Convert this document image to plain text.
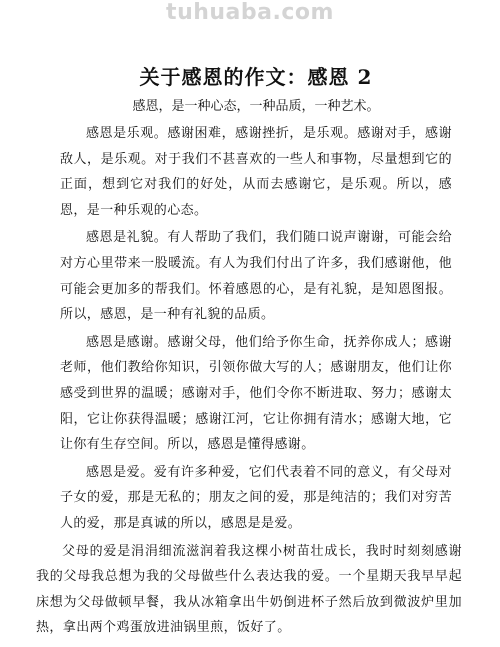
tuhuaba.com
关于感恩的作文：感恩 2
感恩，是一种心态，一种品质，一种艺术。

感恩是乐观。感谢困难，感谢挫折，是乐观。感谢对手，感谢敌人，是乐观。对于我们不甚喜欢的一些人和事物，尽量想到它的正面，想到它对我们的好处，从而去感谢它，是乐观。所以，感恩，是一种乐观的心态。

感恩是礼貌。有人帮助了我们，我们随口说声谢谢，可能会给对方心里带来一股暖流。有人为我们付出了许多，我们感谢他，他可能会更加多的帮我们。怀着感恩的心，是有礼貌，是知恩图报。所以，感恩，是一种有礼貌的品质。

感恩是感谢。感谢父母，他们给予你生命，抚养你成人；感谢老师，他们教给你知识，引领你做大写的人；感谢朋友，他们让你感受到世界的温暖；感谢对手，他们令你不断进取、努力；感谢太阳，它让你获得温暖；感谢江河，它让你拥有清水；感谢大地，它让你有生存空间。所以，感恩是懂得感谢。

感恩是爱。爱有许多种爱，它们代表着不同的意义，有父母对子女的爱，那是无私的；朋友之间的爱，那是纯洁的；我们对穷苦人的爱，那是真诚的所以，感恩是是爱。

父母的爱是涓涓细流滋润着我这棵小树苗壮成长，我时时刻刻感谢我的父母我总想为我的父母做些什么表达我的爱。一个星期天我早早起床想为父母做顿早餐，我从冰箱拿出牛奶倒进杯子然后放到微波炉里加热，拿出两个鸡蛋放进油锅里煎，饭好了。
